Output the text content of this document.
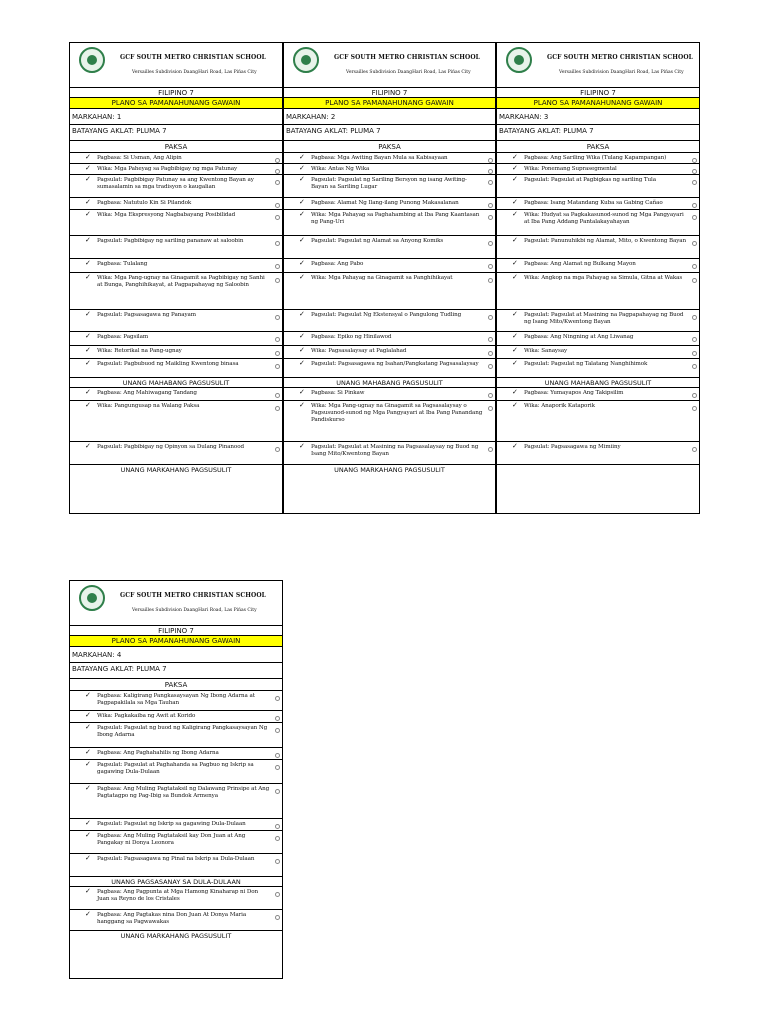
GCF SOUTH METRO CHRISTIAN SCHOOL
Versailles Subdivision DaangHari Road, Las Piñas City
FILIPINO 7
PLANO SA PAMANAHUNANG GAWAIN
MARKAHAN: 1
BATAYANG AKLAT: PLUMA 7
PAKSA
✓ Pagbasa: Si Usman, Ang Alipin
✓ Wika: Mga Paheyag sa Pagbibigay ng mga Patunay
✓ Pagsulat: Pagbibigay Patunay sa ang Kwentong Bayan ay sumasalamin sa mga tradisyon o kaugalian
✓ Pagbasa: Natutulo Kin Si Pilandok
✓ Wika: Mga Ekspresyong Nagbabayang Posibilidad
✓ Pagsulat: Pagbibigay ng sariling pananaw at saloobin
✓ Pagbasa: Tulalang
✓ Wika: Mga Pang-ugnay na Ginagamit sa Pagbibigay ng Sanhi at Bunga, Panghihikayat, at Pagpapahayag ng Saloobin
✓ Pagsulat: Pagsasagawa ng Panayam
✓ Pagbasa: Pagsilam
✓ Wika: Retorikal na Pang-ugnay
✓ Pagsulat: Pagbubuod ng Maikling Kwentong binasa
UNANG MAHABANG PAGSUSULIT
✓ Pagbasa: Ang Mahiwagang Tandang
✓ Wika: Pangungusap na Walang Paksa
✓ Pagsulat: Pagbibigay ng Opinyon sa Dulang Pinanood
UNANG MARKAHANG PAGSUSULIT
GCF SOUTH METRO CHRISTIAN SCHOOL
Versailles Subdivision DaangHari Road, Las Piñas City
FILIPINO 7
PLANO SA PAMANAHUNANG GAWAIN
MARKAHAN: 2
BATAYANG AKLAT: PLUMA 7
PAKSA
✓ Pagbasa: Mga Awiting Bayan Mula sa Kabisayaan
✓ Wika: Antas Ng Wika
✓ Pagsulat: Pagsulat ng Sariling Bersyon ng isang Awiting-Bayan sa Sariling Lugar
✓ Pagbasa: Alamat Ng Ilang-ilang Punong Makasalanan
✓ Wika: Mga Pahayag sa Paghahambing at Iba Pang Kaantasan ng Pang-Uri
✓ Pagsulat: Pagsulat ng Alamat sa Anyong Komiks
✓ Pagbasa: Ang Pabo
✓ Wika: Mga Pahayag na Ginagamit sa Panghihikayat
✓ Pagsulat: Pagsulat Ng Ekstensyal o Pangulong Tudling
✓ Pagbasa: Epiko ng Hinilawod
✓ Wika: Pagsasalaysay at Paglalahad
✓ Pagsulat: Pagsasagawa ng Isahan/Pangkatang Pagsasalaysay
UNANG MAHABANG PAGSUSULIT
✓ Pagbasa: Si Pinkaw
✓ Wika: Mga Pang-ugnay na Ginagamit sa Pagsasalaysay o Pagsusunod-sunod ng Mga Pangyayari at Iba Pang Panandang Pandiskurso
✓ Pagsulat: Pagsulat at Masining na Pagsasalaysay ng Buod ng Isang Mito/Kwentong Bayan
UNANG MARKAHANG PAGSUSULIT
GCF SOUTH METRO CHRISTIAN SCHOOL
Versailles Subdivision DaangHari Road, Las Piñas City
FILIPINO 7
PLANO SA PAMANAHUNANG GAWAIN
MARKAHAN: 3
BATAYANG AKLAT: PLUMA 7
PAKSA
✓ Pagbasa: Ang Sariling Wika (Tulang Kapampangan)
✓ Wika: Ponemang Suprasegmental
✓ Pagsulat: Pagsulat at Pagbigkas ng sariling Tula
✓ Pagbasa: Isang Matandang Kuba sa Gabing Cañao
✓ Wika: Hudyat sa Pagkakasunod-sunod ng Mga Pangyayari at Iba Pang Addang Pantalakayahayan
✓ Pagsulat: Panunuhikbi ng Alamat, Mito, o Kwentong Bayan
✓ Pagbasa: Ang Alamat ng Bulkang Mayon
✓ Wika: Angkop na mga Pahayag sa Simula, Gitna at Wakas
✓ Pagsulat: Pagsulat at Masining na Pagpapahayag ng Buod ng Isang Mito/Kwentong Bayan
✓ Pagbasa: Ang Ningning at Ang Liwanag
✓ Wika: Sanaysay
✓ Pagsulat: Pagsulat ng Talatang Nanghihimok
UNANG MAHABANG PAGSUSULIT
✓ Pagbasa: Yumayapos Ang Takipsilim
✓ Wika: Anaporik Kataporik
✓ Pagsulat: Pagsasagawa ng Mimiiny
GCF SOUTH METRO CHRISTIAN SCHOOL
Versailles Subdivision DaangHari Road, Las Piñas City
FILIPINO 7
PLANO SA PAMANAHUNANG GAWAIN
MARKAHAN: 4
BATAYANG AKLAT: PLUMA 7
PAKSA
✓ Pagbasa: Kaligirang Pangkasaysayan Ng Ibong Adarna at Pagpapakilala sa Mga Tauhan
✓ Wika: Pagkakaiba ng Awit at Korido
✓ Pagsulat: Pagsulat ng buod ng Kaligirang Pangkasaysayan Ng Ibong Adarna
✓ Pagbasa: Ang Paghahahilis ng Ibong Adarna
✓ Pagsulat: Pagsulat at Paghahanda sa Pagbuo ng Iskrip sa gagawing Dula-Dulaan
✓ Pagbasa: Ang Muling Pagtataksil ng Dalawang Prinsipe at Ang Pagtatagpo ng Pag-Ibig sa Bundok Armenya
✓ Pagsulat: Pagsulat ng Iskrip sa gagawing Dula-Dulaan
✓ Pagbasa: Ang Muling Pagtataksil kay Don Juan at Ang Pangakay ni Donya Leonora
✓ Pagsulat: Pagsasagawa ng Pinal na Iskrip sa Dula-Dulaan
UNANG PAGSASANAY SA DULA-DULAAN
✓ Pagbasa: Ang Pagpunta at Mga Hamong Kinaharap ni Don Juan sa Reyno de los Cristales
✓ Pagbasa: Ang Pagtakas nina Don Juan At Donya Maria hanggang sa Pagwawakas
UNANG MARKAHANG PAGSUSULIT
